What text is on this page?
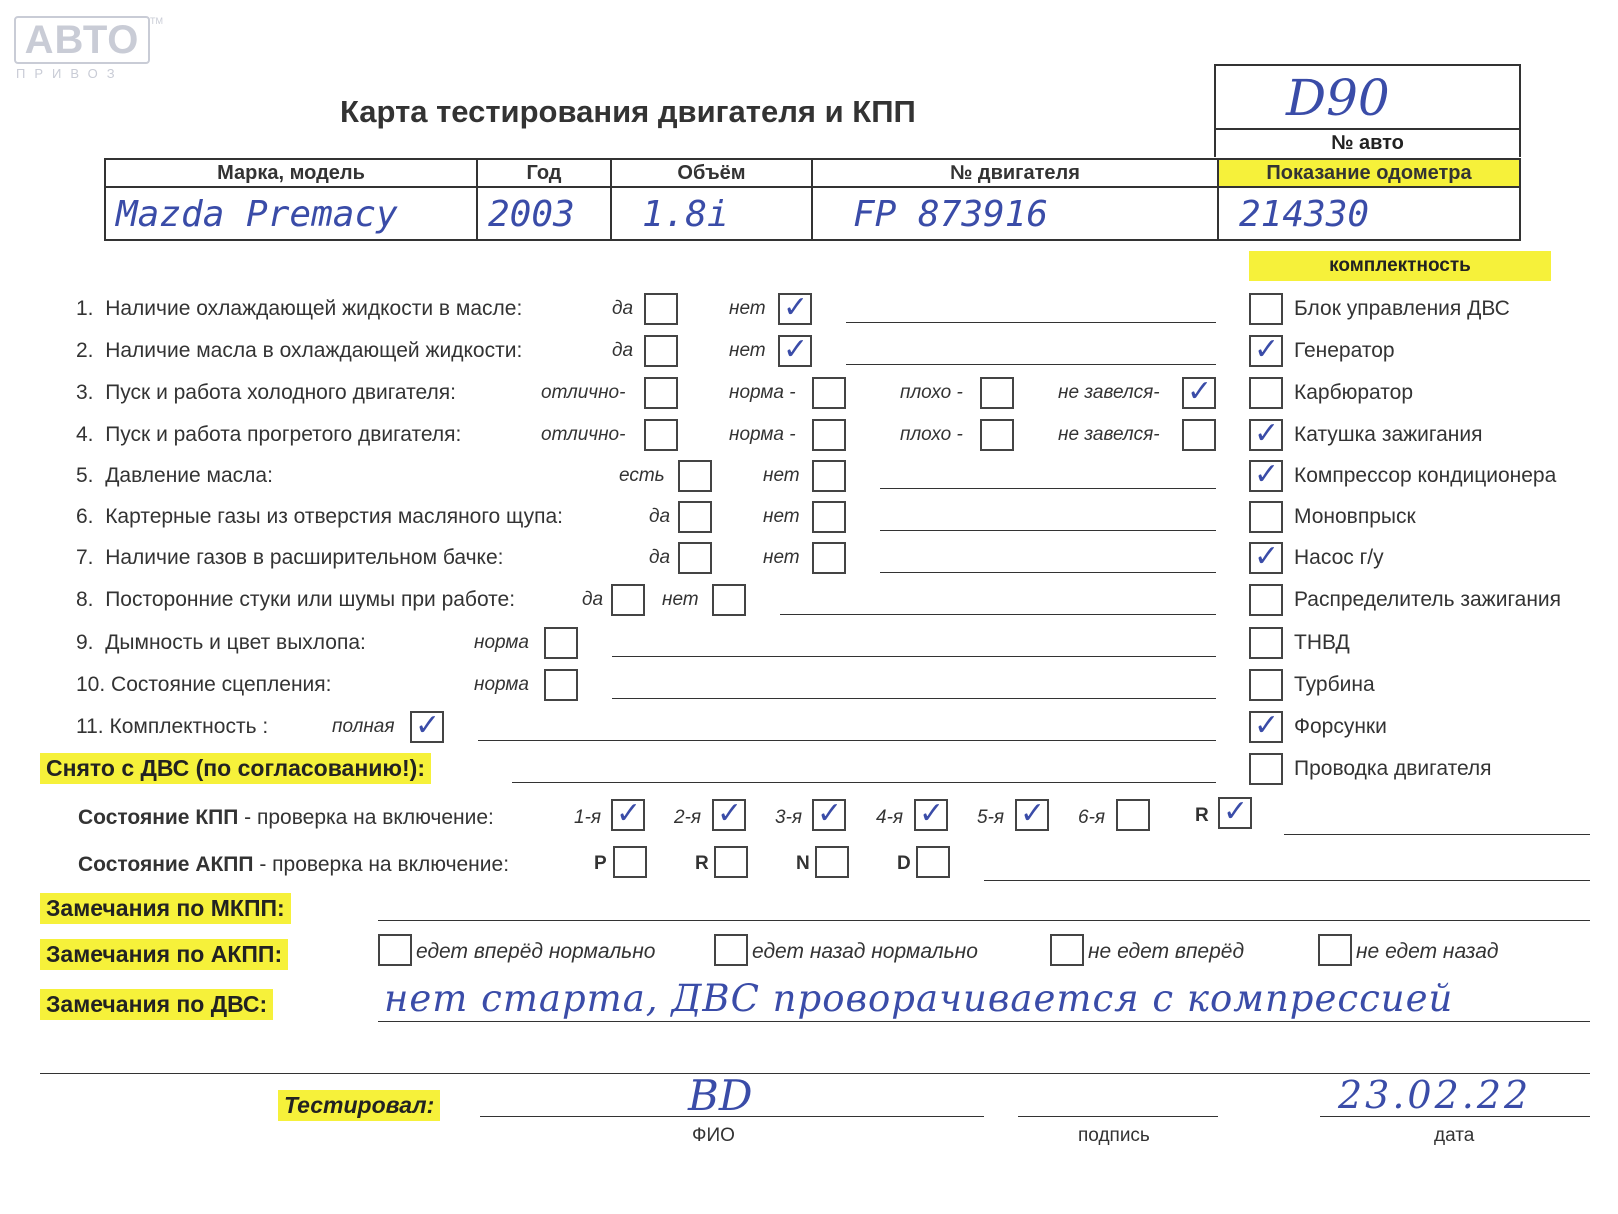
АВТО
ПРИВОЗ
TM
Карта тестирования двигателя и КПП	D90
№ авто
Марка, модель	Год	Объём	№ двигателя	Показание одометра
Mazda Premacy	2003	1.8i	FP 873916	214330
1. Наличие охлаждающей жидкости в масле:	да	нет ✓
2. Наличие масла в охлаждающей жидкости:	да	нет ✓
3. Пуск и работа холодного двигателя:	отлично-	норма -	плохо -	не завелся- ✓
4. Пуск и работа прогретого двигателя:	отлично-	норма -	плохо -	не завелся-
5. Давление масла:	есть	нет
6. Картерные газы из отверстия масляного щупа:	да	нет
7. Наличие газов в расширительном бачке:	да	нет
8. Посторонние стуки или шумы при работе:	да	нет
9. Дымность и цвет выхлопа:	норма
10. Состояние сцепления:	норма
11. Комплектность :	полная ✓
комплектность
Блок управления ДВС
✓ Генератор
Карбюратор
✓ Катушка зажигания
✓ Компрессор кондиционера
Моновпрыск
✓ Насос г/у
Распределитель зажигания
ТНВД
Турбина
✓ Форсунки
Проводка двигателя
Снято с ДВС (по согласованию!):
Состояние КПП - проверка на включение:	1-я ✓ 2-я ✓ 3-я ✓ 4-я ✓ 5-я ✓ 6-я	R ✓
Состояние АКПП - проверка на включение:	P	R	N	D
Замечания по МКПП:
Замечания по АКПП:	едет вперёд нормально	едет назад нормально	не едет вперёд	не едет назад
Замечания по ДВС:	нет старта, ДВС проворачивается с компрессией
Тестировал:	BD	23.02.22
ФИО	подпись	дата
